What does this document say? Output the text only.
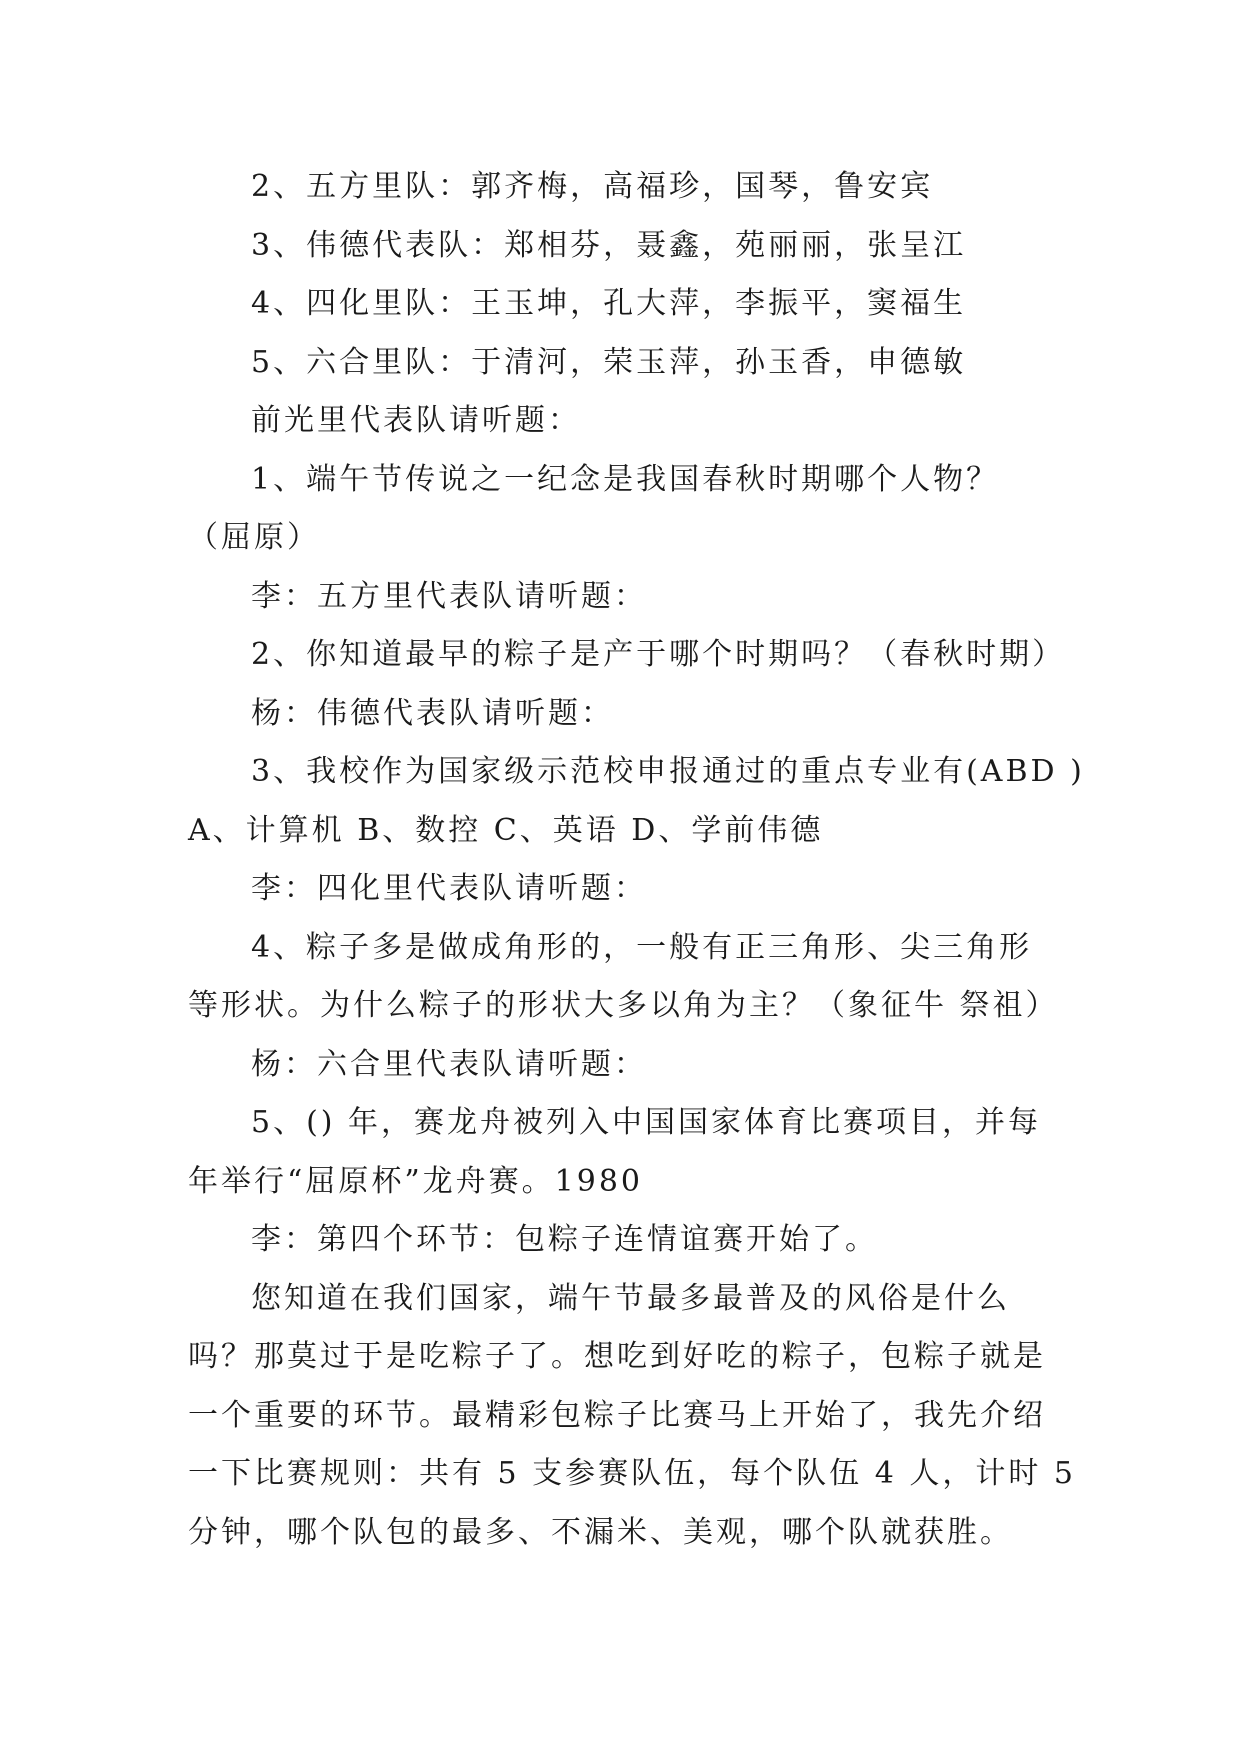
2、五方里队：郭齐梅，高福珍，国琴，鲁安宾
3、伟德代表队：郑相芬，聂鑫，苑丽丽，张呈江
4、四化里队：王玉坤，孔大萍，李振平，窦福生
5、六合里队：于清河，荣玉萍，孙玉香，申德敏
前光里代表队请听题：
1、端午节传说之一纪念是我国春秋时期哪个人物？
（屈原）
李：五方里代表队请听题：
2、你知道最早的粽子是产于哪个时期吗？（春秋时期）
杨：伟德代表队请听题：
3、我校作为国家级示范校申报通过的重点专业有(ABD )
A、计算机 B、数控 C、英语 D、学前伟德
李：四化里代表队请听题：
4、粽子多是做成角形的，一般有正三角形、尖三角形
等形状。为什么粽子的形状大多以角为主？（象征牛 祭祖）
杨：六合里代表队请听题：
5、() 年，赛龙舟被列入中国国家体育比赛项目，并每
年举行“屈原杯”龙舟赛。1980
李：第四个环节：包粽子连情谊赛开始了。
您知道在我们国家，端午节最多最普及的风俗是什么
吗？那莫过于是吃粽子了。想吃到好吃的粽子，包粽子就是
一个重要的环节。最精彩包粽子比赛马上开始了，我先介绍
一下比赛规则：共有 5 支参赛队伍，每个队伍 4 人，计时 5
分钟，哪个队包的最多、不漏米、美观，哪个队就获胜。
